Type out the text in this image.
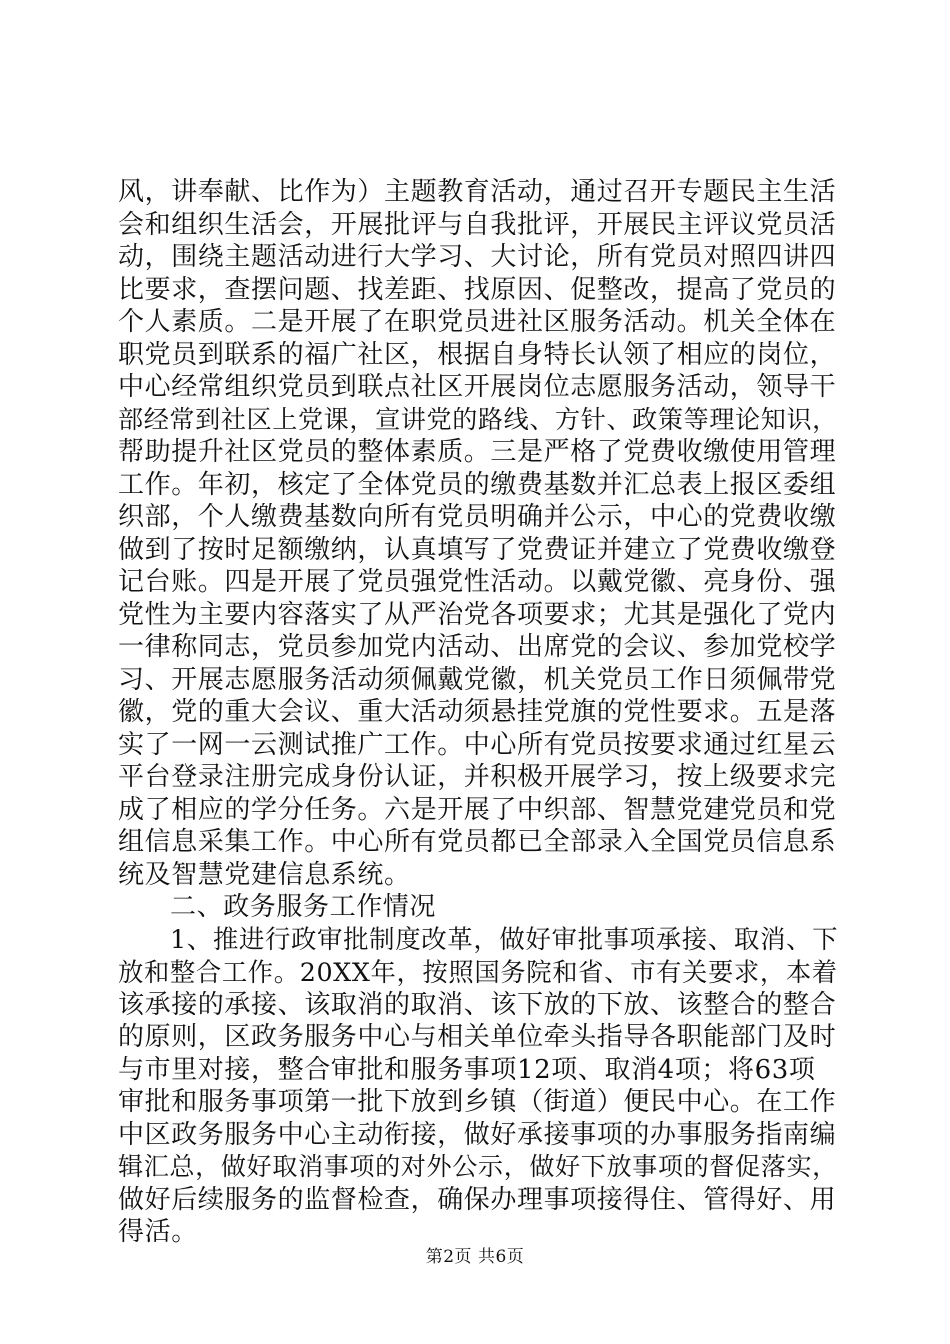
风，讲奉献、比作为）主题教育活动，通过召开专题民主生活
会和组织生活会，开展批评与自我批评，开展民主评议党员活
动，围绕主题活动进行大学习、大讨论，所有党员对照四讲四
比要求，查摆问题、找差距、找原因、促整改，提高了党员的
个人素质。二是开展了在职党员进社区服务活动。机关全体在
职党员到联系的福广社区，根据自身特长认领了相应的岗位，
中心经常组织党员到联点社区开展岗位志愿服务活动，领导干
部经常到社区上党课，宣讲党的路线、方针、政策等理论知识，
帮助提升社区党员的整体素质。三是严格了党费收缴使用管理
工作。年初，核定了全体党员的缴费基数并汇总表上报区委组
织部，个人缴费基数向所有党员明确并公示，中心的党费收缴
做到了按时足额缴纳，认真填写了党费证并建立了党费收缴登
记台账。四是开展了党员强党性活动。以戴党徽、亮身份、强
党性为主要内容落实了从严治党各项要求；尤其是强化了党内
一律称同志，党员参加党内活动、出席党的会议、参加党校学
习、开展志愿服务活动须佩戴党徽，机关党员工作日须佩带党
徽，党的重大会议、重大活动须悬挂党旗的党性要求。五是落
实了一网一云测试推广工作。中心所有党员按要求通过红星云
平台登录注册完成身份认证，并积极开展学习，按上级要求完
成了相应的学分任务。六是开展了中织部、智慧党建党员和党
组信息采集工作。中心所有党员都已全部录入全国党员信息系
统及智慧党建信息系统。
二、政务服务工作情况
1、推进行政审批制度改革，做好审批事项承接、取消、下
放和整合工作。20XX年，按照国务院和省、市有关要求，本着
该承接的承接、该取消的取消、该下放的下放、该整合的整合
的原则，区政务服务中心与相关单位牵头指导各职能部门及时
与市里对接，整合审批和服务事项12项、取消4项；将63项
审批和服务事项第一批下放到乡镇（街道）便民中心。在工作
中区政务服务中心主动衔接，做好承接事项的办事服务指南编
辑汇总，做好取消事项的对外公示，做好下放事项的督促落实，
做好后续服务的监督检查，确保办理事项接得住、管得好、用
得活。
第2页 共6页
